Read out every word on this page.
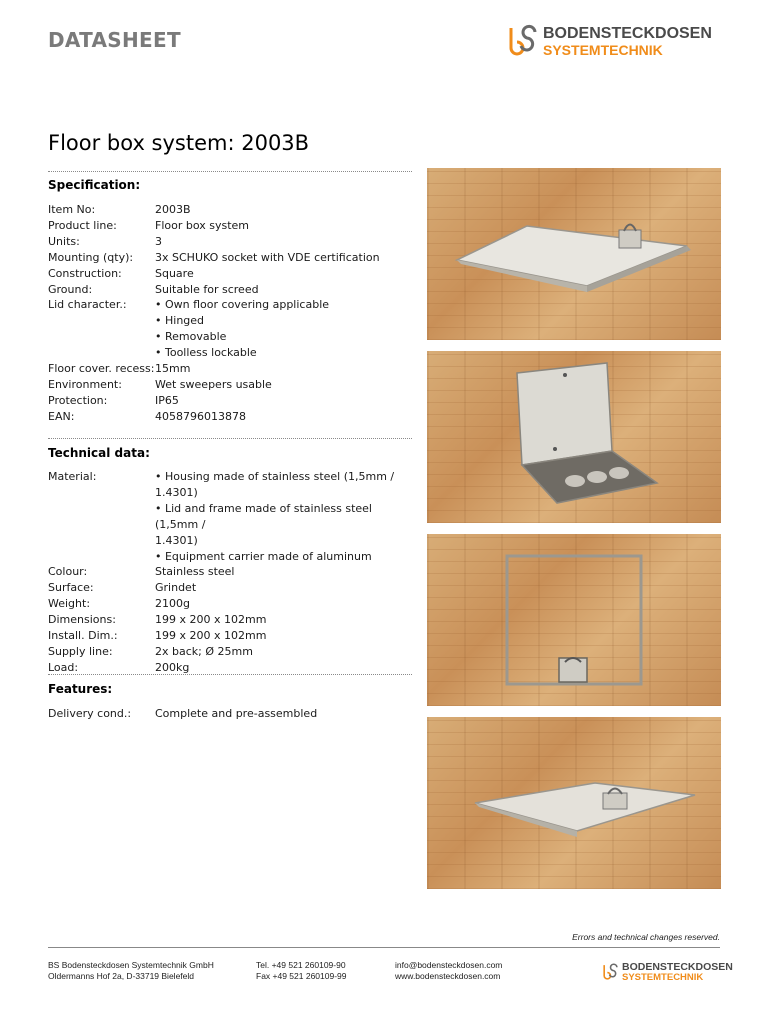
DATASHEET	BODENSTECKDOSEN
SYSTEMTECHNIK
Floor box system: 2003B
Specification:
Item No:	2003B
Product line:	Floor box system
Units:	3
Mounting (qty):	3x SCHUKO socket with VDE certification
Construction:	Square
Ground:	Suitable for screed
Lid character.:	• Own floor covering applicable
• Hinged
• Removable
• Toolless lockable
Floor cover. recess: 15mm
Environment:	Wet sweepers usable
Protection:	IP65
EAN:	4058796013878
Technical data:
Material:	• Housing made of stainless steel (1,5mm /
1.4301)
• Lid and frame made of stainless steel (1,5mm /
1.4301)
• Equipment carrier made of aluminum
Colour:	Stainless steel
Surface:	Grindet
Weight:	2100g
Dimensions:	199 x 200 x 102mm
Install. Dim.:	199 x 200 x 102mm
Supply line:	2x back; Ø 25mm
Load:	200kg
Features:
Delivery cond.:	Complete and pre-assembled
Errors and technical changes reserved.
BS Bodensteckdosen Systemtechnik GmbH
Oldermanns Hof 2a, D-33719 Bielefeld
Tel. +49 521 260109-90
Fax +49 521 260109-99
info@bodensteckdosen.com
www.bodensteckdosen.com
BODENSTECKDOSEN
SYSTEMTECHNIK
